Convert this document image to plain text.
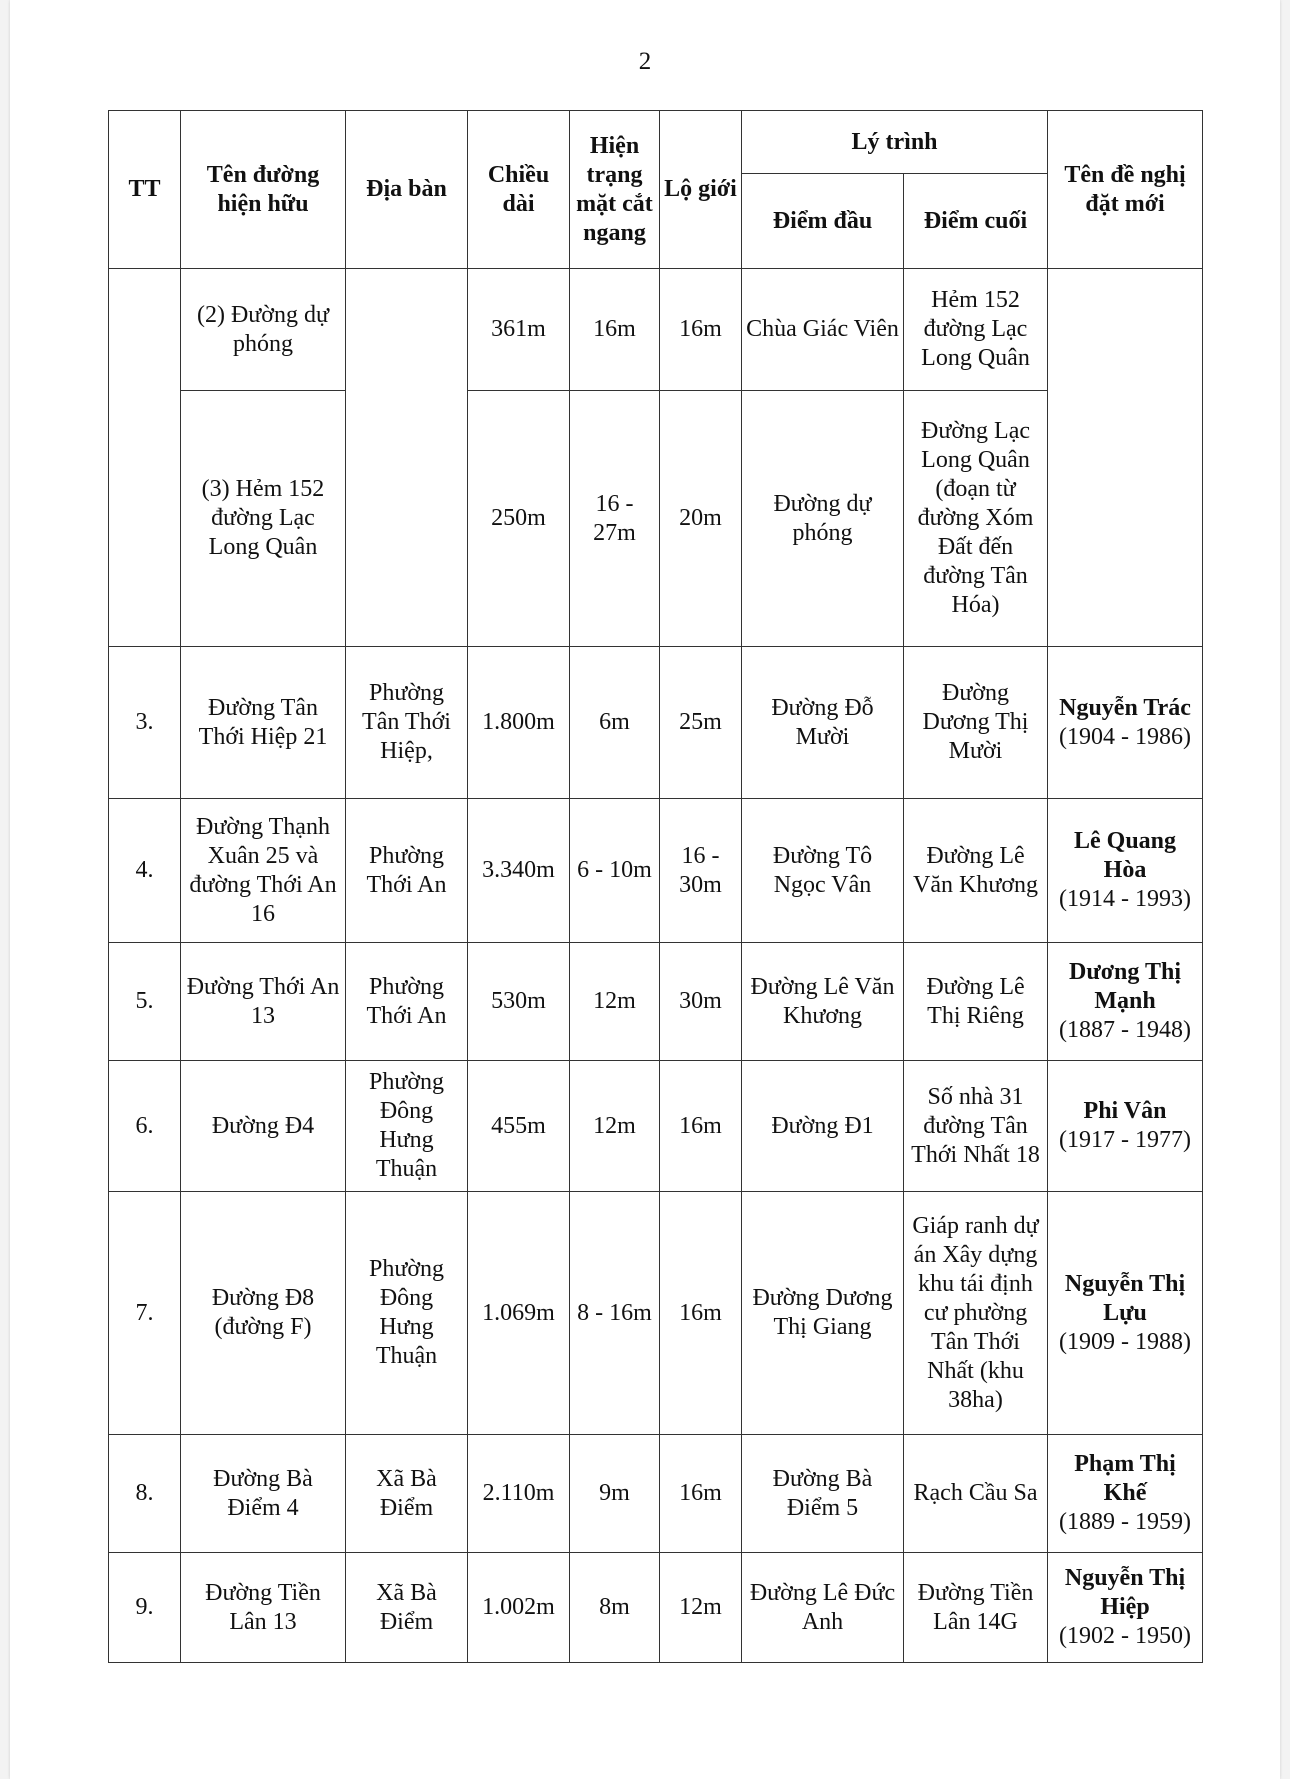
2
TT	Tên đường hiện hữu	Địa bàn	Chiều dài	Hiện trạng mặt cắt ngang	Lộ giới	Lý trình		Tên đề nghị đặt mới
						Điểm đầu	Điểm cuối	
	(2) Đường dự phóng		361m	16m	16m	Chùa Giác Viên	Hẻm 152 đường Lạc Long Quân	
	(3) Hẻm 152 đường Lạc Long Quân		250m	16 - 27m	20m	Đường dự phóng	Đường Lạc Long Quân (đoạn từ đường Xóm Đất đến đường Tân Hóa)	
3.	Đường Tân Thới Hiệp 21	Phường Tân Thới Hiệp,	1.800m	6m	25m	Đường Đỗ Mười	Đường Dương Thị Mười	Nguyễn Trác
(1904 - 1986)

4.	Đường Thạnh Xuân 25 và đường Thới An 16	Phường Thới An	3.340m	6 - 10m	16 - 30m	Đường Tô Ngọc Vân	Đường Lê Văn Khương	Lê Quang Hòa
(1914 - 1993)

5.	Đường Thới An 13	Phường Thới An	530m	12m	30m	Đường Lê Văn Khương	Đường Lê Thị Riêng	Dương Thị Mạnh
(1887 - 1948)

6.	Đường Đ4	Phường Đông Hưng Thuận	455m	12m	16m	Đường Đ1	Số nhà 31 đường Tân Thới Nhất 18	Phi Vân
(1917 - 1977)

7.	Đường Đ8 (đường F)	Phường Đông Hưng Thuận	1.069m	8 - 16m	16m	Đường Dương Thị Giang	Giáp ranh dự án Xây dựng khu tái định cư phường Tân Thới Nhất (khu 38ha)	Nguyễn Thị Lựu
(1909 - 1988)

8.	Đường Bà Điểm 4	Xã Bà Điểm	2.110m	9m	16m	Đường Bà Điểm 5	Rạch Cầu Sa	Phạm Thị Khế
(1889 - 1959)

9.	Đường Tiền Lân 13	Xã Bà Điểm	1.002m	8m	12m	Đường Lê Đức Anh	Đường Tiền Lân 14G	Nguyễn Thị Hiệp
(1902 - 1950)
